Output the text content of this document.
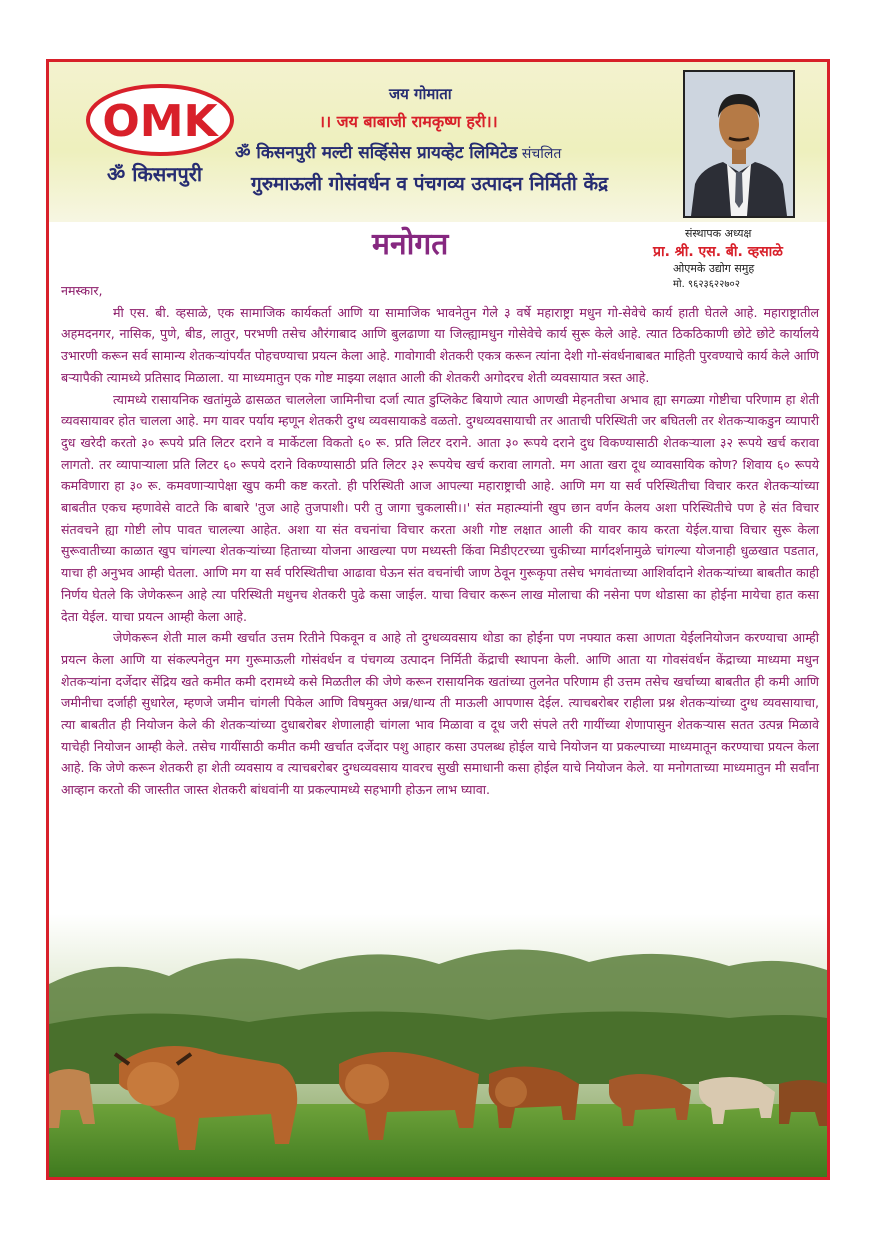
OMK
ॐ किसनपुरी
जय गोमाता
।। जय बाबाजी रामकृष्ण हरी।।
ॐ किसनपुरी मल्टी सर्व्हिसेस प्रायव्हेट लिमिटेड संचलित
गुरुमाऊली गोसंवर्धन व पंचगव्य उत्पादन निर्मिती केंद्र
संस्थापक अध्यक्ष
प्रा. श्री. एस. बी. व्हसाळे
ओएमके उद्योग समुह
मो. ९६२३६२२७०२
मनोगत

नमस्कार,

मी एस. बी. व्हसाळे, एक सामाजिक कार्यकर्ता आणि या सामाजिक भावनेतुन गेले ३ वर्षे महाराष्ट्रा मधुन गो-सेवेचे कार्य हाती घेतले आहे. महाराष्ट्रातील अहमदनगर, नासिक, पुणे, बीड, लातुर, परभणी तसेच औरंगाबाद आणि बुलढाणा या जिल्ह्यामधुन गोसेवेचे कार्य सुरू केले आहे. त्यात ठिकठिकाणी छोटे छोटे कार्यालये उभारणी करून सर्व सामान्य शेतकऱ्यांपर्यंत पोहचण्याचा प्रयत्न केला आहे. गावोगावी शेतकरी एकत्र करून त्यांना देशी गो-संवर्धनाबाबत माहिती पुरवण्याचे कार्य केले आणि बऱ्यापैकी त्यामध्ये प्रतिसाद मिळाला. या माध्यमातुन एक गोष्ट माझ्या लक्षात आली की शेतकरी अगोदरच शेती व्यवसायात त्रस्त आहे.

त्यामध्ये रासायनिक खतांमुळे ढासळत चाललेला जामिनीचा दर्जा त्यात डुप्लिकेट बियाणे त्यात आणखी मेहनतीचा अभाव ह्या सगळ्या गोष्टीचा परिणाम हा शेती व्यवसायावर होत चालला आहे. मग यावर पर्याय म्हणून शेतकरी दुग्ध व्यवसायाकडे वळतो. दुग्धव्यवसायाची तर आताची परिस्थिती जर बघितली तर शेतकऱ्याकडुन व्यापारी दुध खरेदी करतो ३० रूपये प्रति लिटर दराने व मार्केटला विकतो ६० रू. प्रति लिटर दराने. आता ३० रूपये दराने दुध विकण्यासाठी शेतकऱ्याला ३२ रूपये खर्च करावा लागतो. तर व्यापाऱ्याला प्रति लिटर ६० रूपये दराने विकण्यासाठी प्रति लिटर ३२ रूपयेच खर्च करावा लागतो. मग आता खरा दूध व्यावसायिक कोण? शिवाय ६० रूपये कमविणारा हा ३० रू. कमवणाऱ्यापेक्षा खुप कमी कष्ट करतो. ही परिस्थिती आज आपल्या महाराष्ट्राची आहे. आणि मग या सर्व परिस्थितीचा विचार करत शेतकऱ्यांच्या बाबतीत एकच म्हणावेसे वाटते कि बाबारे 'तुज आहे तुजपाशी। परी तु जागा चुकलासी।।' संत महात्म्यांनी खुप छान वर्णन केलय अशा परिस्थितीचे पण हे संत विचार संतवचने ह्या गोष्टी लोप पावत चालल्या आहेत. अशा या संत वचनांचा विचार करता अशी गोष्ट लक्षात आली की यावर काय करता येईल.याचा विचार सुरू केला सुरूवातीच्या काळात खुप चांगल्या शेतकऱ्यांच्या हिताच्या योजना आखल्या पण मध्यस्ती किंवा मिडीएटरच्या चुकीच्या मार्गदर्शनामुळे चांगल्या योजनाही धुळखात पडतात, याचा ही अनुभव आम्ही घेतला. आणि मग या सर्व परिस्थितीचा आढावा घेऊन संत वचनांची जाण ठेवून गुरूकृपा तसेच भगवंताच्या आशिर्वादाने शेतकऱ्यांच्या बाबतीत काही निर्णय घेतले कि जेणेकरून आहे त्या परिस्थिती मधुनच शेतकरी पुढे कसा जाईल. याचा विचार करून लाख मोलाचा की नसेना पण थोडासा का होईना मायेचा हात कसा देता येईल. याचा प्रयत्न आम्ही केला आहे.

जेणेकरून शेती माल कमी खर्चात उत्तम रितीने पिकवून व आहे तो दुग्धव्यवसाय थोडा का होईना पण नफ्यात कसा आणता येईलनियोजन करण्याचा आम्ही प्रयत्न केला आणि या संकल्पनेतुन मग गुरूमाऊली गोसंवर्धन व पंचगव्य उत्पादन निर्मिती केंद्राची स्थापना केली. आणि आता या गोवसंवर्धन केंद्राच्या माध्यमा मधुन शेतकऱ्यांना दर्जेदार सेंद्रिय खते कमीत कमी दरामध्ये कसे मिळतील की जेणे करून रासायनिक खतांच्या तुलनेत परिणाम ही उत्तम तसेच खर्चाच्या बाबतीत ही कमी आणि जमीनीचा दर्जाही सुधारेल, म्हणजे जमीन चांगली पिकेल आणि विषमुक्त अन्न/धान्य ती माऊली आपणास देईल. त्याचबरोबर राहीला प्रश्न शेतकऱ्यांच्या दुग्ध व्यवसायाचा, त्या बाबतीत ही नियोजन केले की शेतकऱ्यांच्या दुधाबरोबर शेणालाही चांगला भाव मिळावा व दूध जरी संपले तरी गायींच्या शेणापासुन शेतकऱ्यास सतत उत्पन्न मिळावे याचेही नियोजन आम्ही केले. तसेच गायींसाठी कमीत कमी खर्चात दर्जेदार पशु आहार कसा उपलब्ध होईल याचे नियोजन या प्रकल्पाच्या माध्यमातून करण्याचा प्रयत्न केला आहे. कि जेणे करून शेतकरी हा शेती व्यवसाय व त्याचबरोबर दुग्धव्यवसाय यावरच सुखी समाधानी कसा होईल याचे नियोजन केले. या मनोगताच्या माध्यमातुन मी सर्वांना आव्हान करतो की जास्तीत जास्त शेतकरी बांधवांनी या प्रकल्पामध्ये सहभागी होऊन लाभ घ्यावा.
